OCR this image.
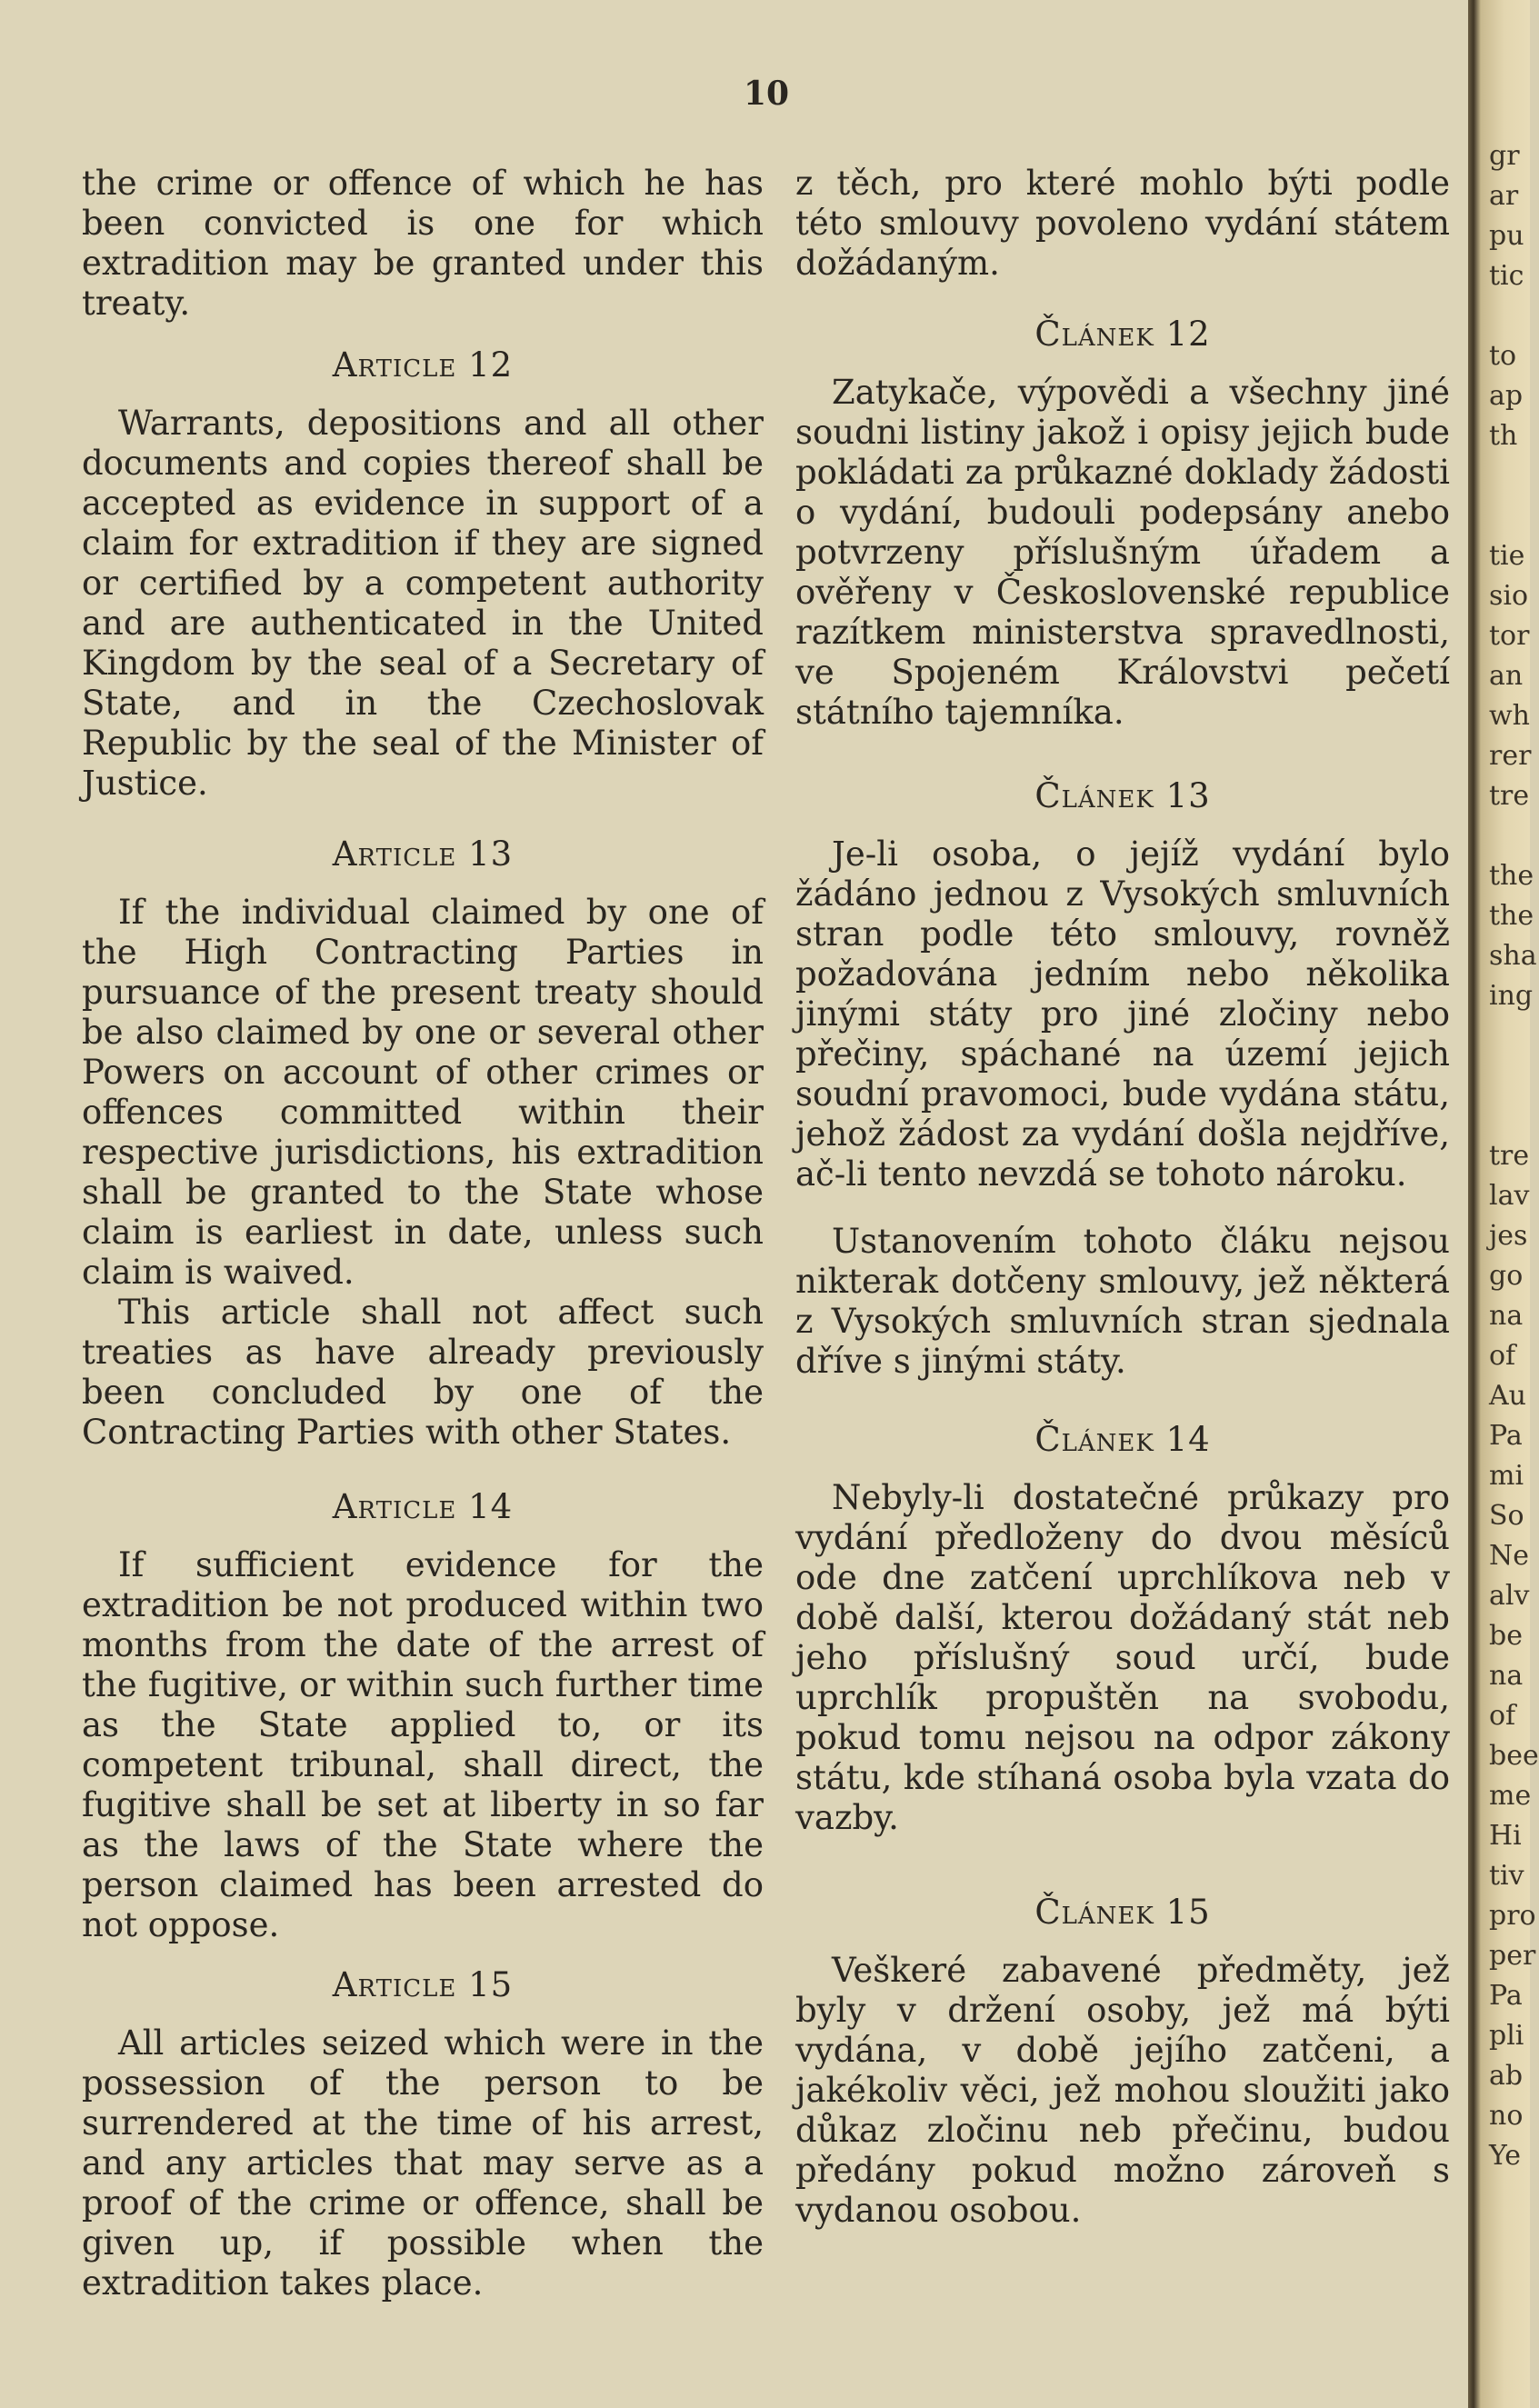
10

the crime or offence of which he has been convicted is one for which extradition may be granted under this treaty.

Article 12

Warrants, depositions and all other documents and copies thereof shall be accepted as evidence in support of a claim for extradition if they are signed or certified by a competent authority and are authenticated in the United Kingdom by the seal of a Secretary of State, and in the Czechoslovak Republic by the seal of the Minister of Justice.

Article 13

If the individual claimed by one of the High Contracting Parties in pursuance of the present treaty should be also claimed by one or several other Powers on account of other crimes or offences committed within their respective jurisdictions, his extradition shall be granted to the State whose claim is earliest in date, unless such claim is waived.

This article shall not affect such treaties as have already previously been concluded by one of the Contracting Parties with other States.

Article 14

If sufficient evidence for the extradition be not produced within two months from the date of the arrest of the fugitive, or within such further time as the State applied to, or its competent tribunal, shall direct, the fugitive shall be set at liberty in so far as the laws of the State where the person claimed has been arrested do not oppose.

Article 15

All articles seized which were in the possession of the person to be surrendered at the time of his arrest, and any articles that may serve as a proof of the crime or offence, shall be given up, if possible when the extradition takes place.

z těch, pro které mohlo býti podle této smlouvy povoleno vydání státem dožádaným.

Článek 12

Zatykače, výpovědi a všechny jiné soudni listiny jakož i opisy jejich bude pokládati za průkazné doklady žádosti o vydání, budouli podepsány anebo potvrzeny příslušným úřadem a ověřeny v Československé republice razítkem ministerstva spravedlnosti, ve Spojeném Královstvi pečetí státního tajemníka.

Článek 13

Je-li osoba, o jejíž vydání bylo žádáno jednou z Vysokých smluvních stran podle této smlouvy, rovněž požadována jedním nebo několika jinými státy pro jiné zločiny nebo přečiny, spáchané na území jejich soudní pravomoci, bude vydána státu, jehož žádost za vydání došla nejdříve, ač-li tento nevzdá se tohoto nároku.

Ustanovením tohoto čláku nejsou nikterak dotčeny smlouvy, jež některá z Vysokých smluvních stran sjednala dříve s jinými státy.

Článek 14

Nebyly-li dostatečné průkazy pro vydání předloženy do dvou měsíců ode dne zatčení uprchlíkova neb v době další, kterou dožádaný stát neb jeho příslušný soud určí, bude uprchlík propuštěn na svobodu, pokud tomu nejsou na odpor zákony státu, kde stíhaná osoba byla vzata do vazby.

Článek 15

Veškeré zabavené předměty, jež byly v držení osoby, jež má býti vydána, v době jejího zatčeni, a jakékoliv věci, jež mohou sloužiti jako důkaz zločinu neb přečinu, budou předány pokud možno zároveň s vydanou osobou.

gr
ar
pu
tic

to
ap
th

tie
sio
tor
an
wh
rer
tre

the
the
sha
ing

tre
lav
jes
go
na
of
Au
Pa
mi
So
Ne
alv
be
na
of
bee
me
Hi
tiv
pro
per
Pa
pli
ab
no
Ye
